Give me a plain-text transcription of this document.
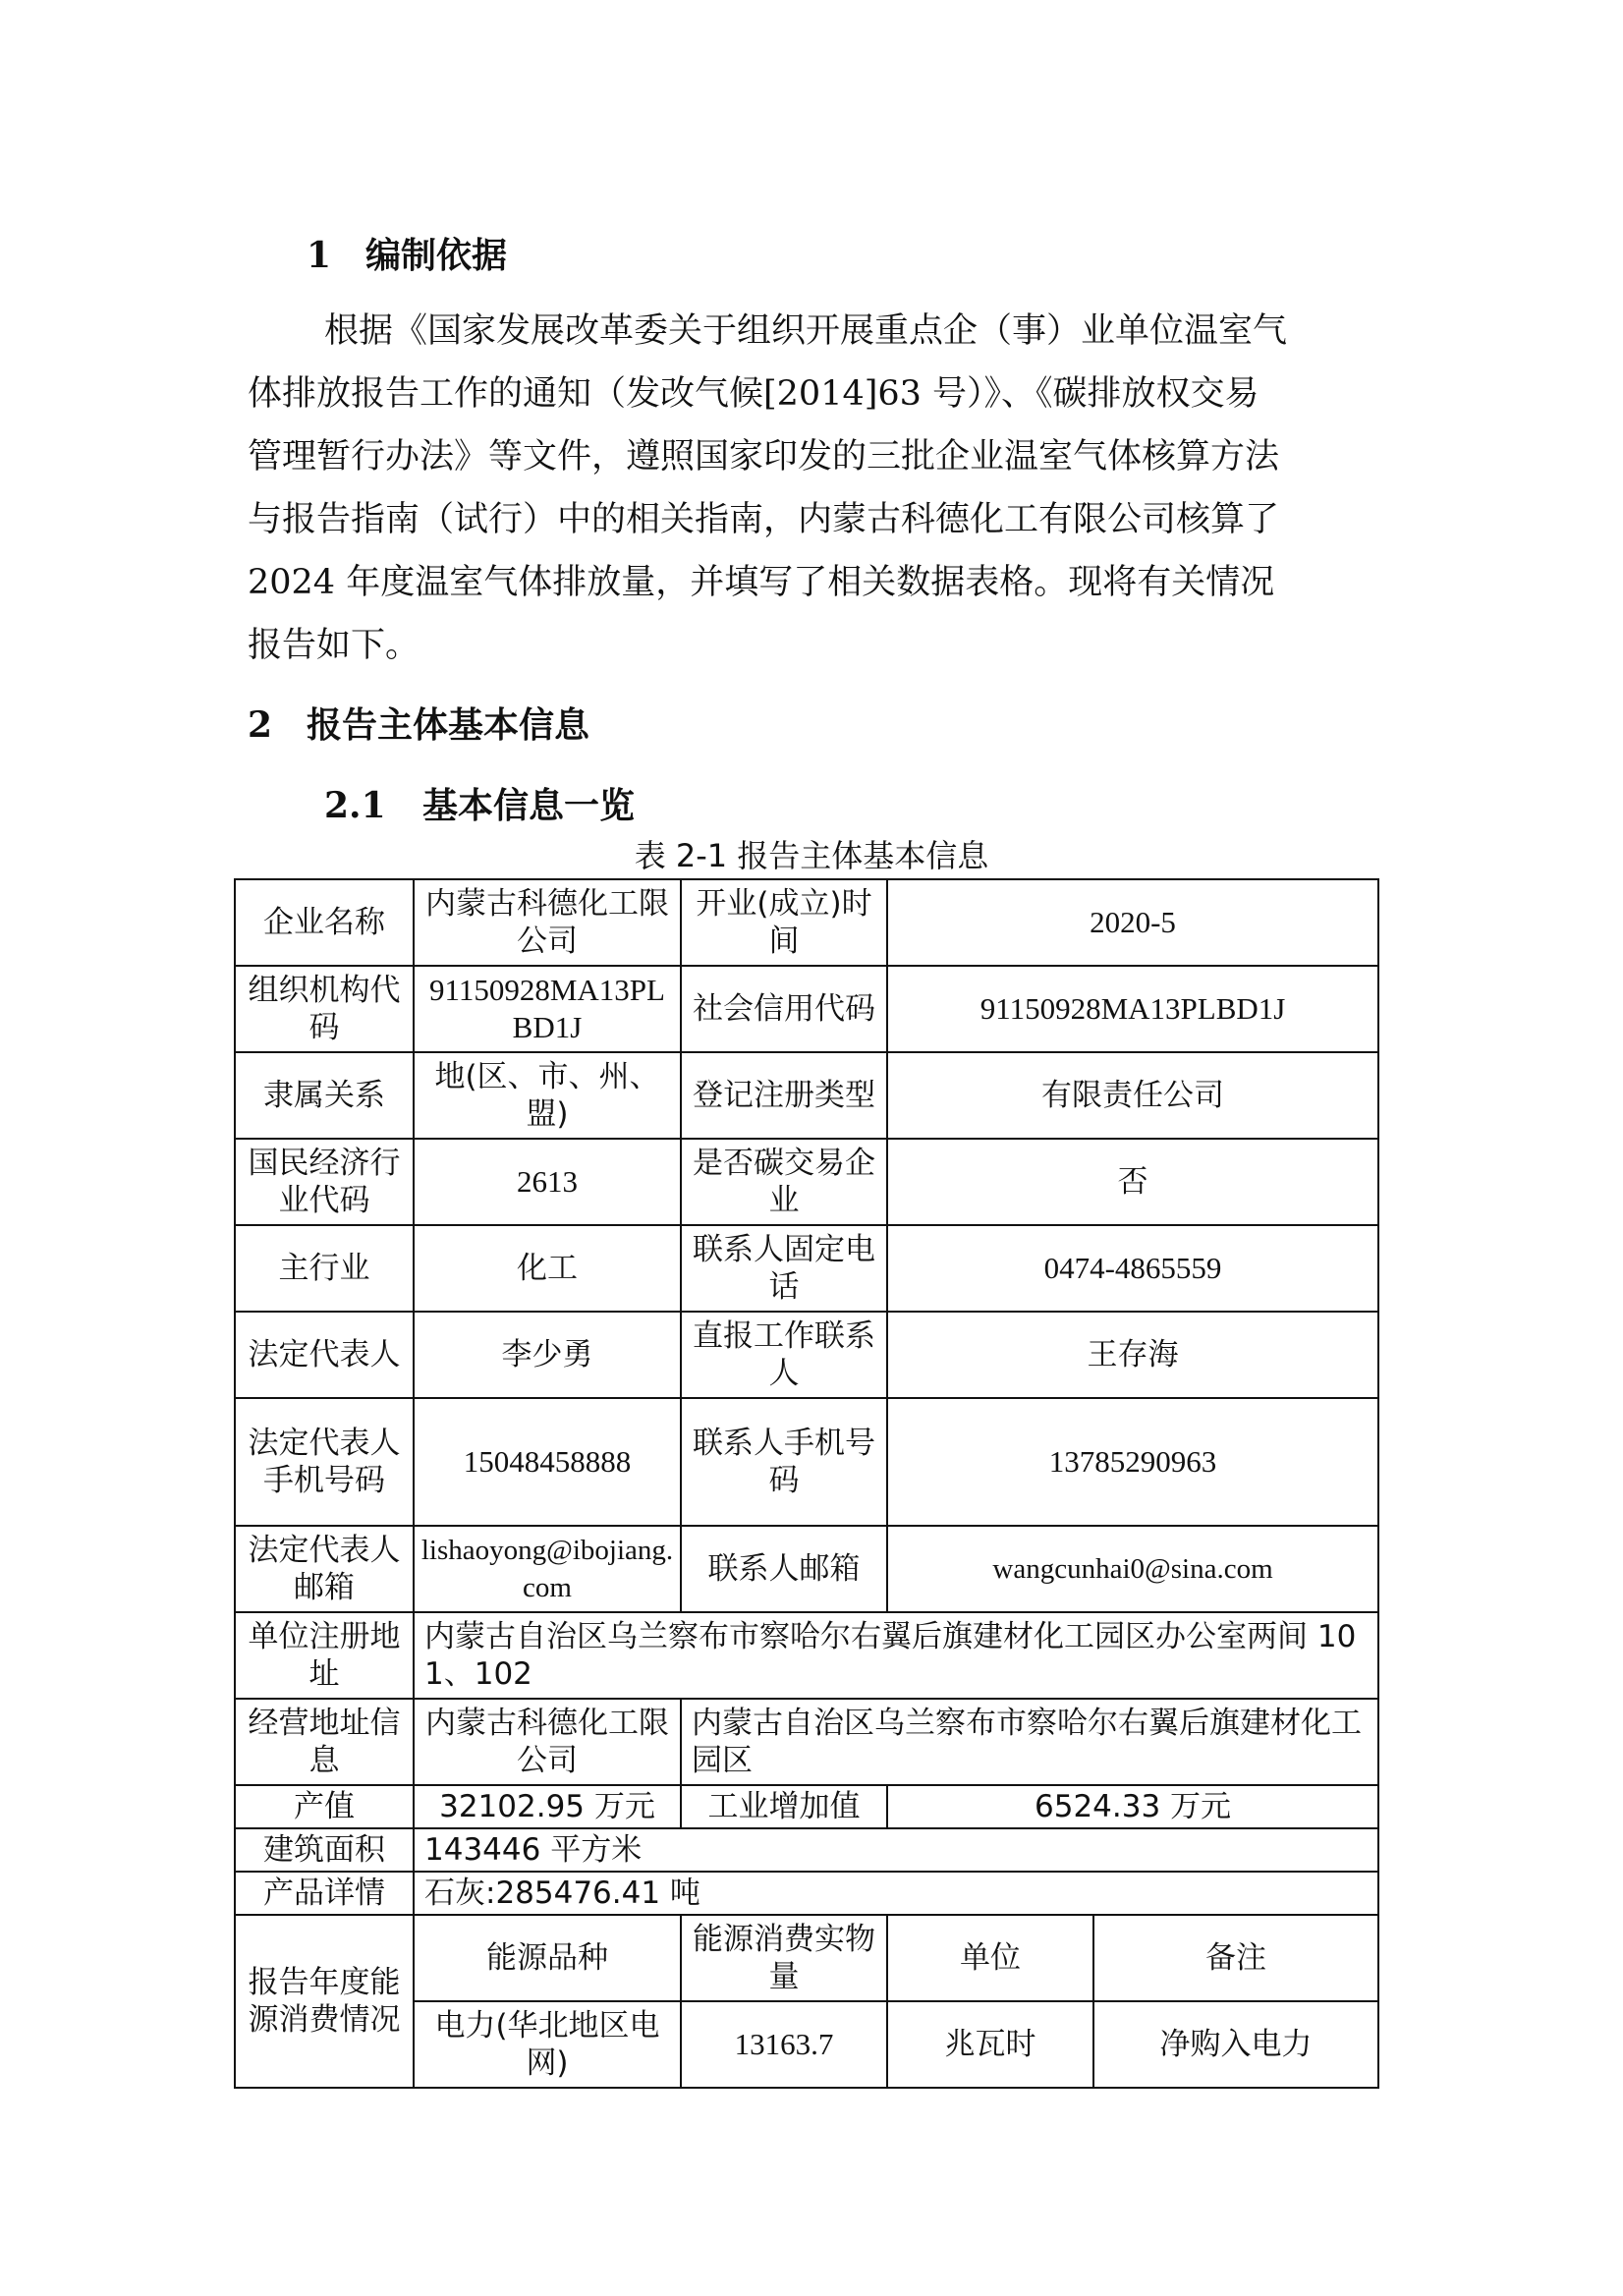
1 编制依据
根据《国家发展改革委关于组织开展重点企（事）业单位温室气
体排放报告工作的通知（发改气候[2014]63 号）》、《碳排放权交易
管理暂行办法》等文件，遵照国家印发的三批企业温室气体核算方法
与报告指南（试行）中的相关指南，内蒙古科德化工有限公司核算了
2024 年度温室气体排放量，并填写了相关数据表格。现将有关情况
报告如下。
2 报告主体基本信息
2.1 基本信息一览
表 2-1 报告主体基本信息
企业名称	内蒙古科德化工限公司	开业(成立)时间	2020-5	
组织机构代码	91150928MA13PLBD1J	社会信用代码	91150928MA13PLBD1J	
隶属关系	地(区、市、州、盟)	登记注册类型	有限责任公司	
国民经济行业代码	2613	是否碳交易企业	否	
主行业	化工	联系人固定电话	0474-4865559	
法定代表人	李少勇	直报工作联系人	王存海	
法定代表人手机号码	15048458888	联系人手机号码	13785290963	
法定代表人邮箱	lishaoyong@ibojiang.com	联系人邮箱	wangcunhai0@sina.com	
单位注册地址	内蒙古自治区乌兰察布市察哈尔右翼后旗建材化工园区办公室两间 101、102			
经营地址信息	内蒙古科德化工限公司	内蒙古自治区乌兰察布市察哈尔右翼后旗建材化工园区		
产值	32102.95 万元	工业增加值	6524.33 万元	
建筑面积	143446 平方米			
产品详情	石灰:285476.41 吨			
报告年度能源消费情况	能源品种	能源消费实物量	单位	备注
	电力(华北地区电网)	13163.7	兆瓦时	净购入电力
